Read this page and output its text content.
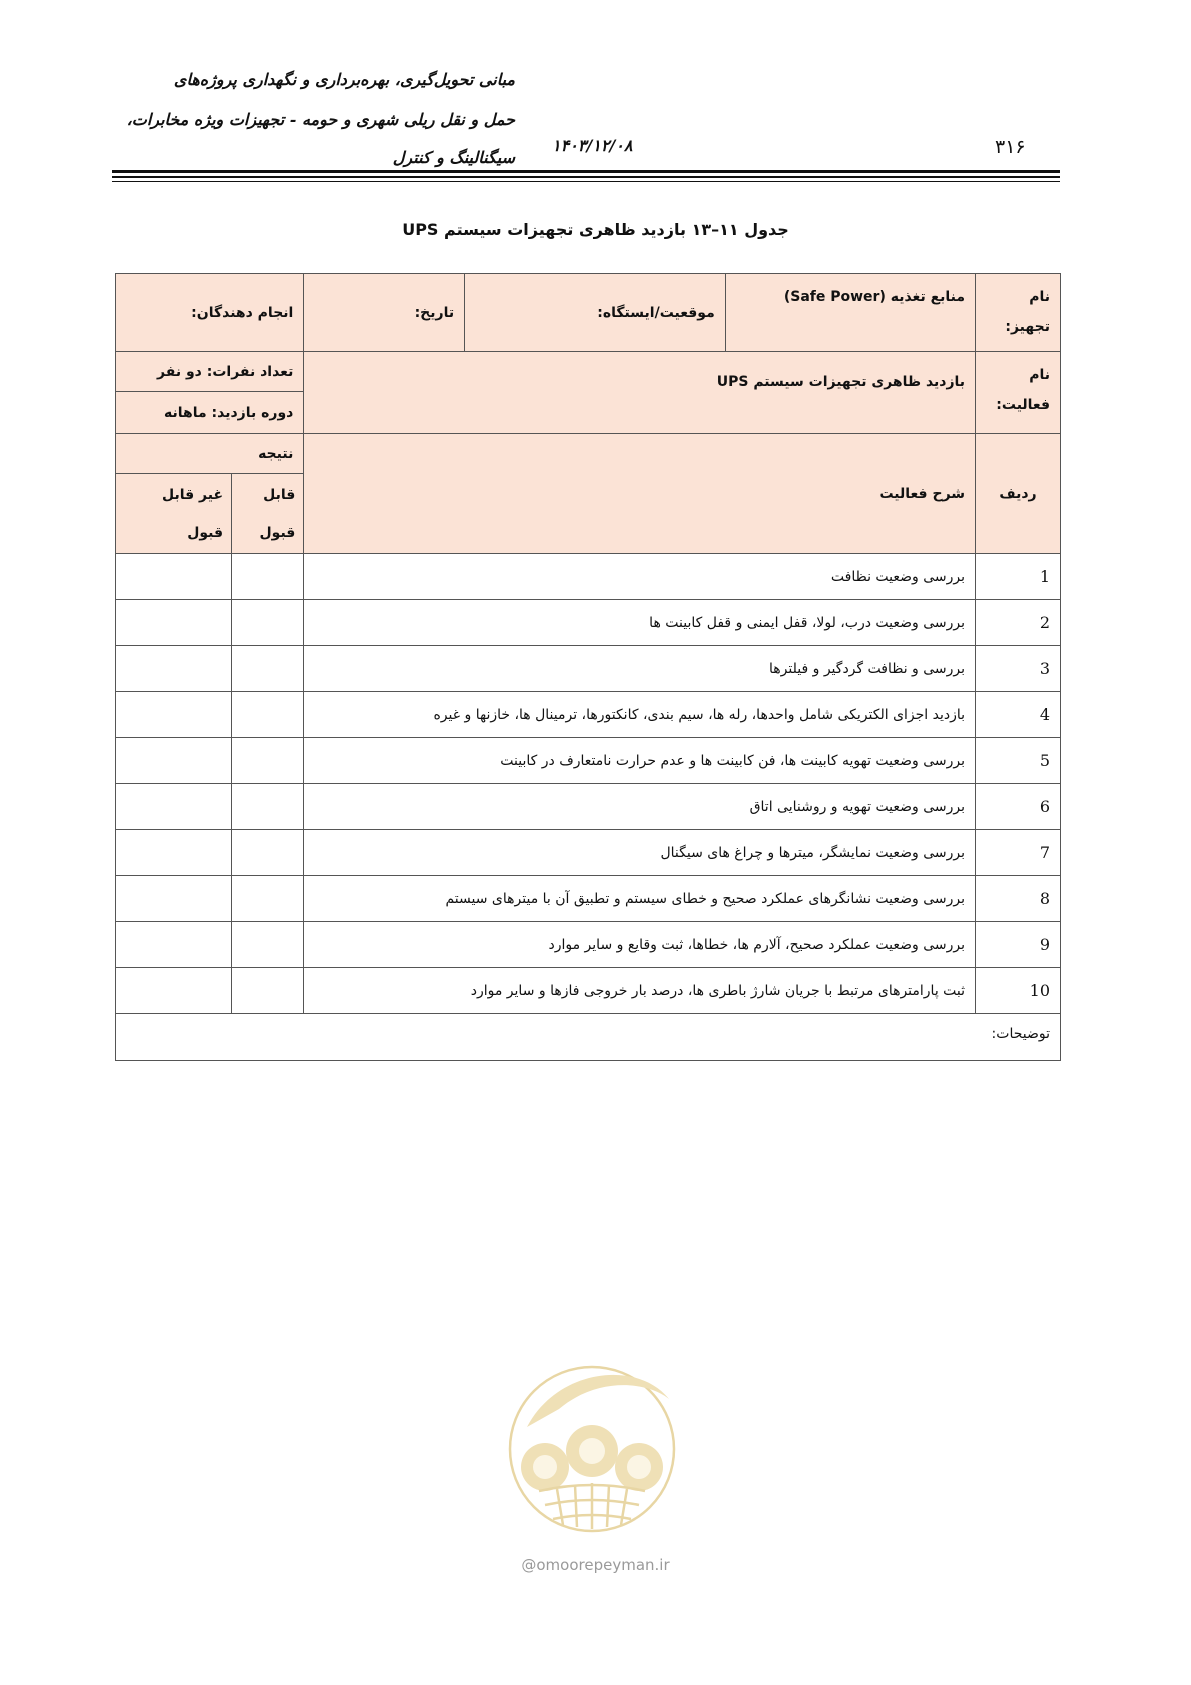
مبانی تحویل‌گیری، بهره‌برداری و نگهداری پروژه‌های
حمل و نقل ریلی شهری و حومه - تجهیزات ویژه مخابرات،
سیگنالینگ و کنترل
۱۴۰۳/۱۲/۰۸	۳۱۶
جدول ۱۱–۱۳ بازدید ظاهری تجهیزات سیستم UPS
نام تجهیز:	منابع تغذیه (Safe Power)	موقعیت/ایستگاه:	تاریخ:	انجام دهندگان:	
نام فعالیت:	بازدید ظاهری تجهیزات سیستم UPS			تعداد نفرات: دو نفر	
				دوره بازدید: ماهانه	
ردیف	شرح فعالیت			نتیجه	
				قابل قبول	غیر قابل قبول
1	بررسی وضعیت نظافت				
2	بررسی وضعیت درب، لولا، قفل ایمنی و قفل کابینت ها				
3	بررسی و نظافت گردگیر و فیلترها				
4	بازدید اجزای الکتریکی شامل واحدها، رله ها، سیم بندی، کانکتورها، ترمینال ها، خازنها و غیره				
5	بررسی وضعیت تهویه کابینت ها، فن کابینت ها و عدم حرارت نامتعارف در کابینت				
6	بررسی وضعیت تهویه و روشنایی اتاق				
7	بررسی وضعیت نمایشگر، میترها و چراغ های سیگنال				
8	بررسی وضعیت نشانگرهای عملکرد صحیح و خطای سیستم و تطبیق آن با میترهای سیستم				
9	بررسی وضعیت عملکرد صحیح، آلارم ها، خطاها، ثبت وقایع و سایر موارد				
10	ثبت پارامترهای مرتبط با جریان شارژ باطری ها، درصد بار خروجی فازها و سایر موارد				
توضیحات:					
@omoorepeyman.ir
